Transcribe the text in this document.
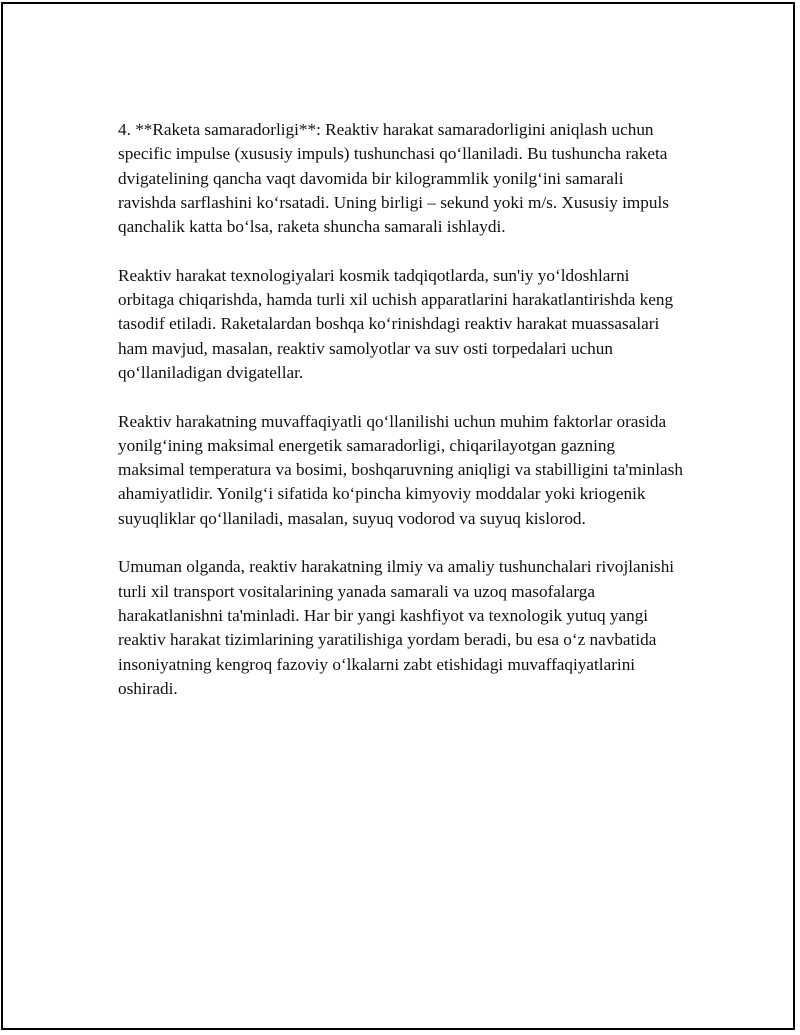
4. **Raketa samaradorligi**: Reaktiv harakat samaradorligini aniqlash uchun specific impulse (xususiy impuls) tushunchasi qo‘llaniladi. Bu tushuncha raketa dvigatelining qancha vaqt davomida bir kilogrammlik yonilg‘ini samarali ravishda sarflashini ko‘rsatadi. Uning birligi – sekund yoki m/s. Xususiy impuls qanchalik katta bo‘lsa, raketa shuncha samarali ishlaydi.

Reaktiv harakat texnologiyalari kosmik tadqiqotlarda, sun'iy yo‘ldoshlarni orbitaga chiqarishda, hamda turli xil uchish apparatlarini harakatlantirishda keng tasodif etiladi. Raketalardan boshqa ko‘rinishdagi reaktiv harakat muassasalari ham mavjud, masalan, reaktiv samolyotlar va suv osti torpedalari uchun qo‘llaniladigan dvigatellar.

Reaktiv harakatning muvaffaqiyatli qo‘llanilishi uchun muhim faktorlar orasida yonilg‘ining maksimal energetik samaradorligi, chiqarilayotgan gazning maksimal temperatura va bosimi, boshqaruvning aniqligi va stabilligini ta'minlash ahamiyatlidir. Yonilg‘i sifatida ko‘pincha kimyoviy moddalar yoki kriogenik suyuqliklar qo‘llaniladi, masalan, suyuq vodorod va suyuq kislorod.

Umuman olganda, reaktiv harakatning ilmiy va amaliy tushunchalari rivojlanishi turli xil transport vositalarining yanada samarali va uzoq masofalarga harakatlanishni ta'minladi. Har bir yangi kashfiyot va texnologik yutuq yangi reaktiv harakat tizimlarining yaratilishiga yordam beradi, bu esa o‘z navbatida insoniyatning kengroq fazoviy o‘lkalarni zabt etishidagi muvaffaqiyatlarini oshiradi.
